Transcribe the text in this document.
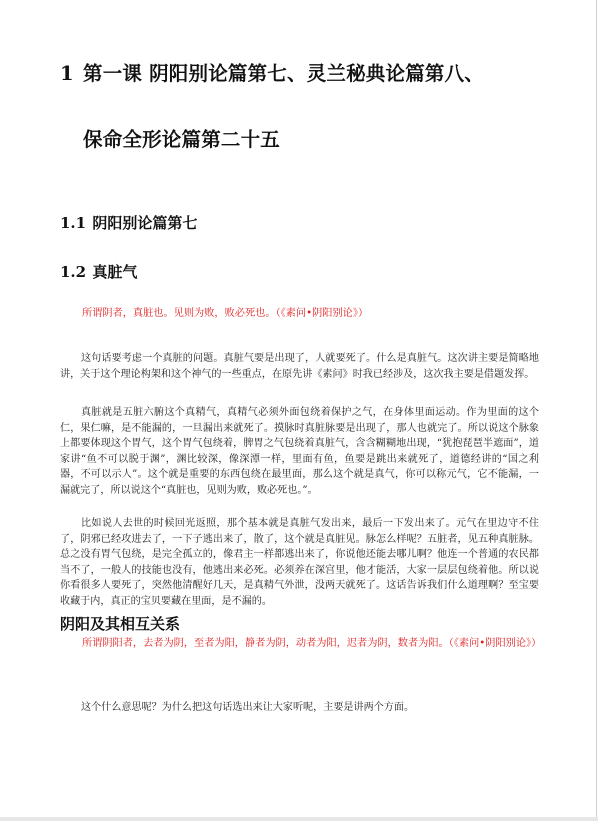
1 第一课 阴阳别论篇第七、灵兰秘典论篇第八、
保命全形论篇第二十五
1.1 阴阳别论篇第七
1.2 真脏气
所谓阴者，真脏也。见则为败，败必死也。（《素问•阴阳别论》）
这句话要考虑一个真脏的问题。真脏气要是出现了，人就要死了。什么是真脏气。这次讲主要是简略地讲，关于这个理论构架和这个神气的一些重点，在原先讲《素问》时我已经涉及，这次我主要是借题发挥。
真脏就是五脏六腑这个真精气，真精气必须外面包绕着保护之气，在身体里面运动。作为里面的这个仁，果仁嘛，是不能漏的，一旦漏出来就死了。摸脉时真脏脉要是出现了，那人也就完了。所以说这个脉象上都要体现这个胃气，这个胃气包绕着，脾胃之气包绕着真脏气，含含糊糊地出现，“犹抱琵琶半遮面”，道家讲“鱼不可以脱于渊”，渊比较深，像深潭一样，里面有鱼，鱼要是跳出来就死了，道德经讲的“国之利器，不可以示人”。这个就是重要的东西包绕在最里面，那么这个就是真气，你可以称元气，它不能漏，一漏就完了，所以说这个“真脏也，见则为败，败必死也。”。
比如说人去世的时候回光返照，那个基本就是真脏气发出来，最后一下发出来了。元气在里边守不住了，阴邪已经攻进去了，一下子逃出来了，散了，这个就是真脏见。脉怎么样呢？五脏者，见五种真脏脉。总之没有胃气包绕，是完全孤立的，像君主一样都逃出来了，你说他还能去哪儿啊？他连一个普通的农民都当不了，一般人的技能也没有，他逃出来必死。必须养在深宫里，他才能活，大家一层层包绕着他。所以说你看很多人要死了，突然他清醒好几天，是真精气外泄，没两天就死了。这话告诉我们什么道理啊？至宝要收藏于内，真正的宝贝要藏在里面，是不漏的。
阴阳及其相互关系
所谓阴阳者，去者为阴，至者为阳，静者为阴，动者为阳，迟者为阴，数者为阳。（《素问•阴阳别论》）
这个什么意思呢？为什么把这句话选出来让大家听呢，主要是讲两个方面。
